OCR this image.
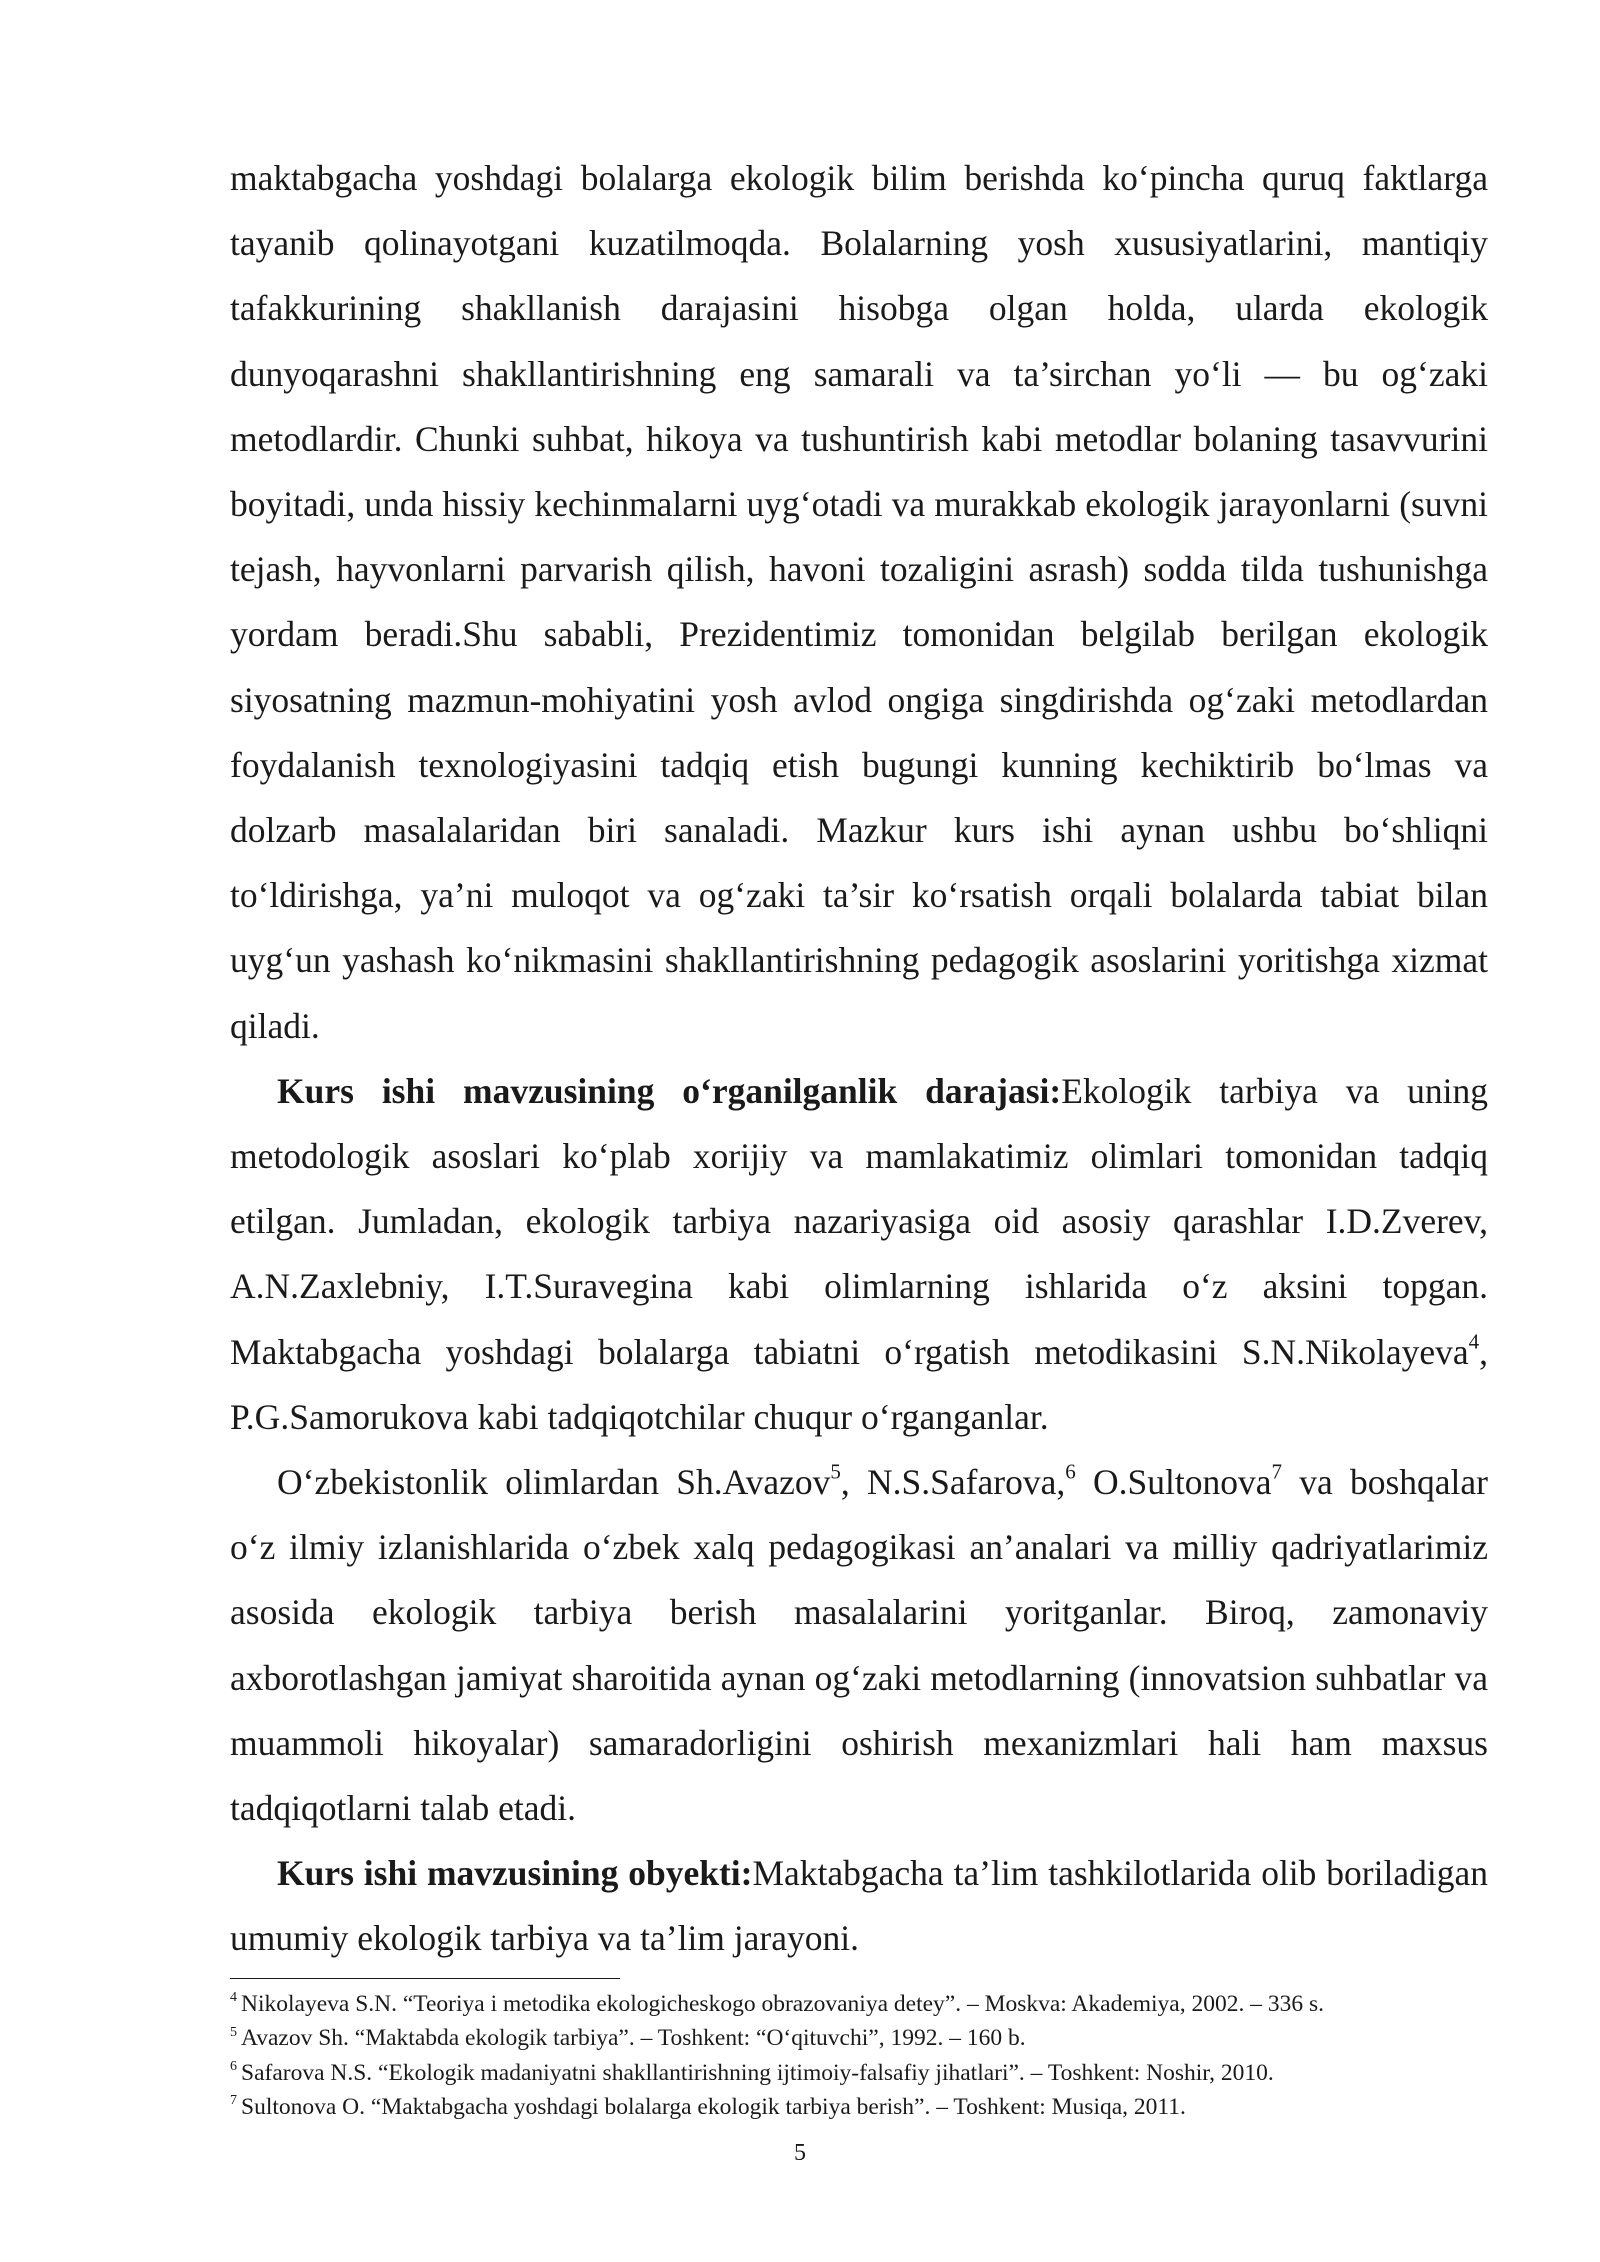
maktabgacha yoshdagi bolalarga ekologik bilim berishda ko‘pincha quruq faktlarga tayanib qolinayotgani kuzatilmoqda. Bolalarning yosh xususiyatlarini, mantiqiy tafakkurining shakllanish darajasini hisobga olgan holda, ularda ekologik dunyoqarashni shakllantirishning eng samarali va ta’sirchan yo‘li — bu og‘zaki metodlardir. Chunki suhbat, hikoya va tushuntirish kabi metodlar bolaning tasavvurini boyitadi, unda hissiy kechinmalarni uyg‘otadi va murakkab ekologik jarayonlarni (suvni tejash, hayvonlarni parvarish qilish, havoni tozaligini asrash) sodda tilda tushunishga yordam beradi.Shu sababli, Prezidentimiz tomonidan belgilab berilgan ekologik siyosatning mazmun-mohiyatini yosh avlod ongiga singdirishda og‘zaki metodlardan foydalanish texnologiyasini tadqiq etish bugungi kunning kechiktirib bo‘lmas va dolzarb masalalaridan biri sanaladi. Mazkur kurs ishi aynan ushbu bo‘shliqni to‘ldirishga, ya’ni muloqot va og‘zaki ta’sir ko‘rsatish orqali bolalarda tabiat bilan uyg‘un yashash ko‘nikmasini shakllantirishning pedagogik asoslarini yoritishga xizmat qiladi.

Kurs ishi mavzusining o‘rganilganlik darajasi:Ekologik tarbiya va uning metodologik asoslari ko‘plab xorijiy va mamlakatimiz olimlari tomonidan tadqiq etilgan. Jumladan, ekologik tarbiya nazariyasiga oid asosiy qarashlar I.D.Zverev, A.N.Zaxlebniy, I.T.Suravegina kabi olimlarning ishlarida o‘z aksini topgan. Maktabgacha yoshdagi bolalarga tabiatni o‘rgatish metodikasini S.N.Nikolayeva$^4$, P.G.Samorukova kabi tadqiqotchilar chuqur o‘rganganlar.

O‘zbekistonlik olimlardan Sh.Avazov$^5$, N.S.Safarova,$^6$ O.Sultonova$^7$ va boshqalar o‘z ilmiy izlanishlarida o‘zbek xalq pedagogikasi an’analari va milliy qadriyatlarimiz asosida ekologik tarbiya berish masalalarini yoritganlar. Biroq, zamonaviy axborotlashgan jamiyat sharoitida aynan og‘zaki metodlarning (innovatsion suhbatlar va muammoli hikoyalar) samaradorligini oshirish mexanizmlari hali ham maxsus tadqiqotlarni talab etadi.

Kurs ishi mavzusining obyekti:Maktabgacha ta’lim tashkilotlarida olib boriladigan umumiy ekologik tarbiya va ta’lim jarayoni.

$^4$ Nikolayeva S.N. “Teoriya i metodika ekologicheskogo obrazovaniya detey”. – Moskva: Akademiya, 2002. – 336 s.

$^5$ Avazov Sh. “Maktabda ekologik tarbiya”. – Toshkent: “O‘qituvchi”, 1992. – 160 b.

$^6$ Safarova N.S. “Ekologik madaniyatni shakllantirishning ijtimoiy-falsafiy jihatlari”. – Toshkent: Noshir, 2010.

$^7$ Sultonova O. “Maktabgacha yoshdagi bolalarga ekologik tarbiya berish”. – Toshkent: Musiqa, 2011.

5
